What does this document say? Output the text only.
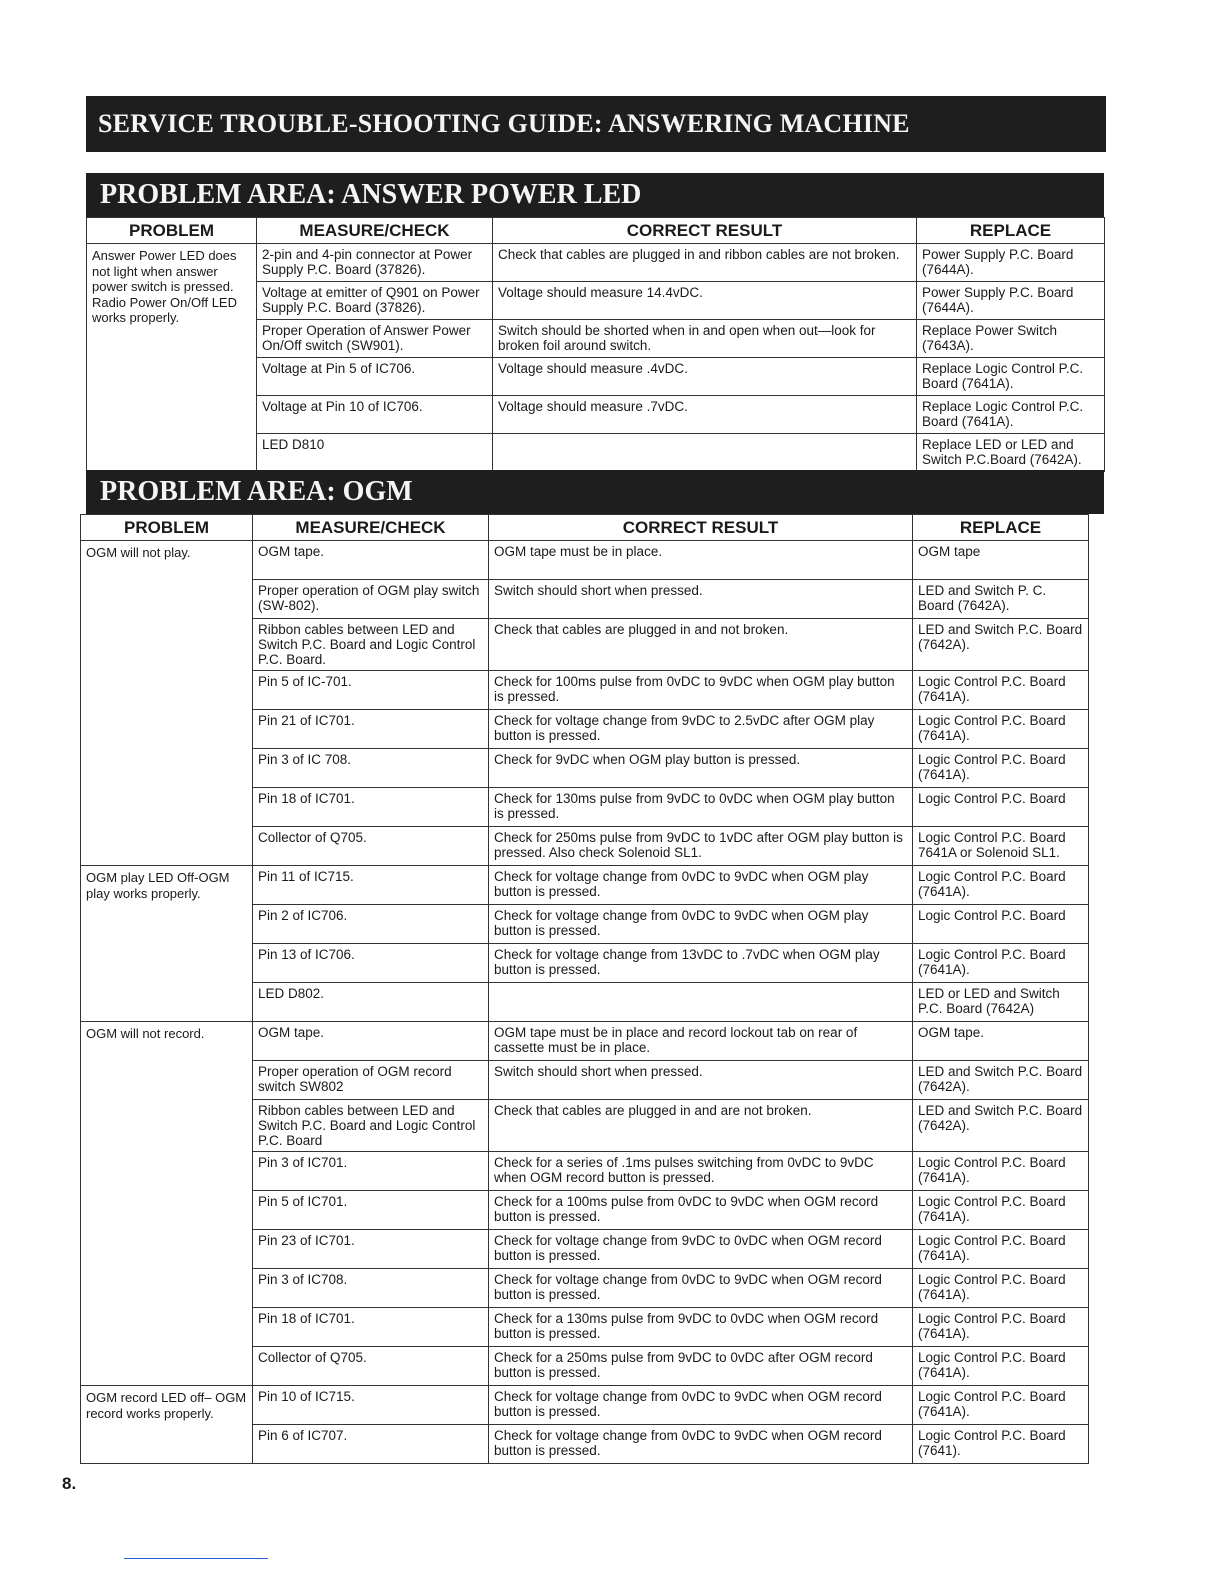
SERVICE TROUBLE-SHOOTING GUIDE: ANSWERING MACHINE
PROBLEM AREA: ANSWER POWER LED
PROBLEM	MEASURE/CHECK	CORRECT RESULT	REPLACE
Answer Power LED does not light when answer power switch is pressed. Radio Power On/Off LED works properly.	2-pin and 4-pin connector at Power Supply P.C. Board (37826).	Check that cables are plugged in and ribbon cables are not broken.	Power Supply P.C. Board (7644A).
	Voltage at emitter of Q901 on Power Supply P.C. Board (37826).	Voltage should measure 14.4vDC.	Power Supply P.C. Board (7644A).
	Proper Operation of Answer Power On/Off switch (SW901).	Switch should be shorted when in and open when out—look for broken foil around switch.	Replace Power Switch (7643A).
	Voltage at Pin 5 of IC706.	Voltage should measure .4vDC.	Replace Logic Control P.C. Board (7641A).
	Voltage at Pin 10 of IC706.	Voltage should measure .7vDC.	Replace Logic Control P.C. Board (7641A).
	LED D810		Replace LED or LED and Switch P.C.Board (7642A).
PROBLEM AREA: OGM
PROBLEM	MEASURE/CHECK	CORRECT RESULT	REPLACE
OGM will not play.	OGM tape.	OGM tape must be in place.	OGM tape
	Proper operation of OGM play switch (SW-802).	Switch should short when pressed.	LED and Switch P. C. Board (7642A).
	Ribbon cables between LED and Switch P.C. Board and Logic Control P.C. Board.	Check that cables are plugged in and not broken.	LED and Switch P.C. Board (7642A).
	Pin 5 of IC-701.	Check for 100ms pulse from 0vDC to 9vDC when OGM play button is pressed.	Logic Control P.C. Board (7641A).
	Pin 21 of IC701.	Check for voltage change from 9vDC to 2.5vDC after OGM play button is pressed.	Logic Control P.C. Board (7641A).
	Pin 3 of IC 708.	Check for 9vDC when OGM play button is pressed.	Logic Control P.C. Board (7641A).
	Pin 18 of IC701.	Check for 130ms pulse from 9vDC to 0vDC when OGM play button is pressed.	Logic Control P.C. Board
	Collector of Q705.	Check for 250ms pulse from 9vDC to 1vDC after OGM play button is pressed. Also check Solenoid SL1.	Logic Control P.C. Board 7641A or Solenoid SL1.
OGM play LED Off-OGM play works properly.	Pin 11 of IC715.	Check for voltage change from 0vDC to 9vDC when OGM play button is pressed.	Logic Control P.C. Board (7641A).
	Pin 2 of IC706.	Check for voltage change from 0vDC to 9vDC when OGM play button is pressed.	Logic Control P.C. Board
	Pin 13 of IC706.	Check for voltage change from 13vDC to .7vDC when OGM play button is pressed.	Logic Control P.C. Board (7641A).
	LED D802.		LED or LED and Switch P.C. Board (7642A)
OGM will not record.	OGM tape.	OGM tape must be in place and record lockout tab on rear of cassette must be in place.	OGM tape.
	Proper operation of OGM record switch SW802	Switch should short when pressed.	LED and Switch P.C. Board (7642A).
	Ribbon cables between LED and Switch P.C. Board and Logic Control P.C. Board	Check that cables are plugged in and are not broken.	LED and Switch P.C. Board (7642A).
	Pin 3 of IC701.	Check for a series of .1ms pulses switching from 0vDC to 9vDC when OGM record button is pressed.	Logic Control P.C. Board (7641A).
	Pin 5 of IC701.	Check for a 100ms pulse from 0vDC to 9vDC when OGM record button is pressed.	Logic Control P.C. Board (7641A).
	Pin 23 of IC701.	Check for voltage change from 9vDC to 0vDC when OGM record button is pressed.	Logic Control P.C. Board (7641A).
	Pin 3 of IC708.	Check for voltage change from 0vDC to 9vDC when OGM record button is pressed.	Logic Control P.C. Board (7641A).
	Pin 18 of IC701.	Check for a 130ms pulse from 9vDC to 0vDC when OGM record button is pressed.	Logic Control P.C. Board (7641A).
	Collector of Q705.	Check for a 250ms pulse from 9vDC to 0vDC after OGM record button is pressed.	Logic Control P.C. Board (7641A).
OGM record LED off– OGM record works properly.	Pin 10 of IC715.	Check for voltage change from 0vDC to 9vDC when OGM record button is pressed.	Logic Control P.C. Board (7641A).
	Pin 6 of IC707.	Check for voltage change from 0vDC to 9vDC when OGM record button is pressed.	Logic Control P.C. Board (7641).
8.
